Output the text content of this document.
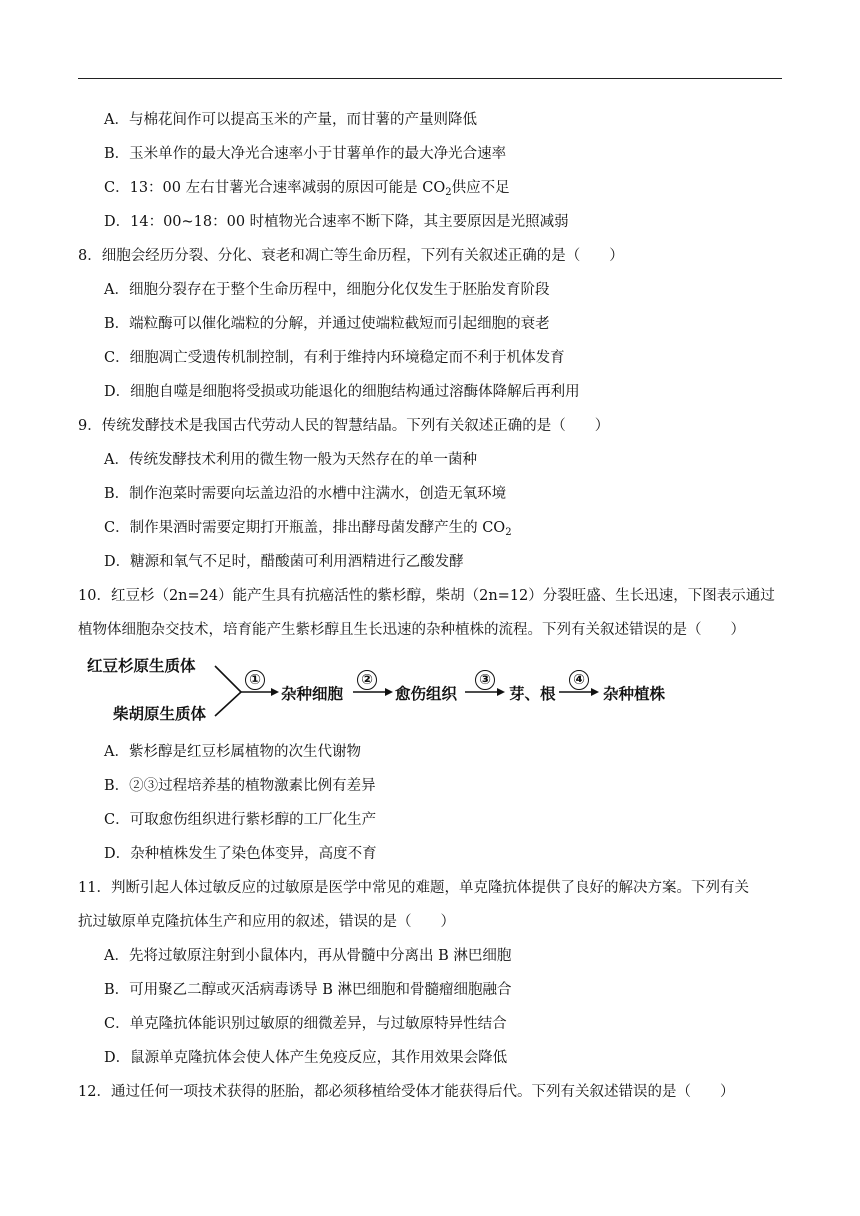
A．与棉花间作可以提高玉米的产量，而甘薯的产量则降低
B．玉米单作的最大净光合速率小于甘薯单作的最大净光合速率
C．13：00 左右甘薯光合速率减弱的原因可能是 $CO_2$供应不足
D．14：00~18：00 时植物光合速率不断下降，其主要原因是光照减弱
8．细胞会经历分裂、分化、衰老和凋亡等生命历程，下列有关叙述正确的是（　　）
A．细胞分裂存在于整个生命历程中，细胞分化仅发生于胚胎发育阶段
B．端粒酶可以催化端粒的分解，并通过使端粒截短而引起细胞的衰老
C．细胞凋亡受遗传机制控制，有利于维持内环境稳定而不利于机体发育
D．细胞自噬是细胞将受损或功能退化的细胞结构通过溶酶体降解后再利用
9．传统发酵技术是我国古代劳动人民的智慧结晶。下列有关叙述正确的是（　　）
A．传统发酵技术利用的微生物一般为天然存在的单一菌种
B．制作泡菜时需要向坛盖边沿的水槽中注满水，创造无氧环境
C．制作果酒时需要定期打开瓶盖，排出酵母菌发酵产生的 $CO_2$
D．糖源和氧气不足时，醋酸菌可利用酒精进行乙酸发酵
10．红豆杉（2n=24）能产生具有抗癌活性的紫杉醇，柴胡（2n=12）分裂旺盛、生长迅速，下图表示通过
植物体细胞杂交技术，培育能产生紫杉醇且生长迅速的杂种植株的流程。下列有关叙述错误的是（　　）
红豆杉原生质体
柴胡原生质体
①
杂种细胞
②
愈伤组织
③
芽、根
④
杂种植株
A．紫杉醇是红豆杉属植物的次生代谢物
B．②③过程培养基的植物激素比例有差异
C．可取愈伤组织进行紫杉醇的工厂化生产
D．杂种植株发生了染色体变异，高度不育
11．判断引起人体过敏反应的过敏原是医学中常见的难题，单克隆抗体提供了良好的解决方案。下列有关
抗过敏原单克隆抗体生产和应用的叙述，错误的是（　　）
A．先将过敏原注射到小鼠体内，再从骨髓中分离出 B 淋巴细胞
B．可用聚乙二醇或灭活病毒诱导 B 淋巴细胞和骨髓瘤细胞融合
C．单克隆抗体能识别过敏原的细微差异，与过敏原特异性结合
D．鼠源单克隆抗体会使人体产生免疫反应，其作用效果会降低
12．通过任何一项技术获得的胚胎，都必须移植给受体才能获得后代。下列有关叙述错误的是（　　）
